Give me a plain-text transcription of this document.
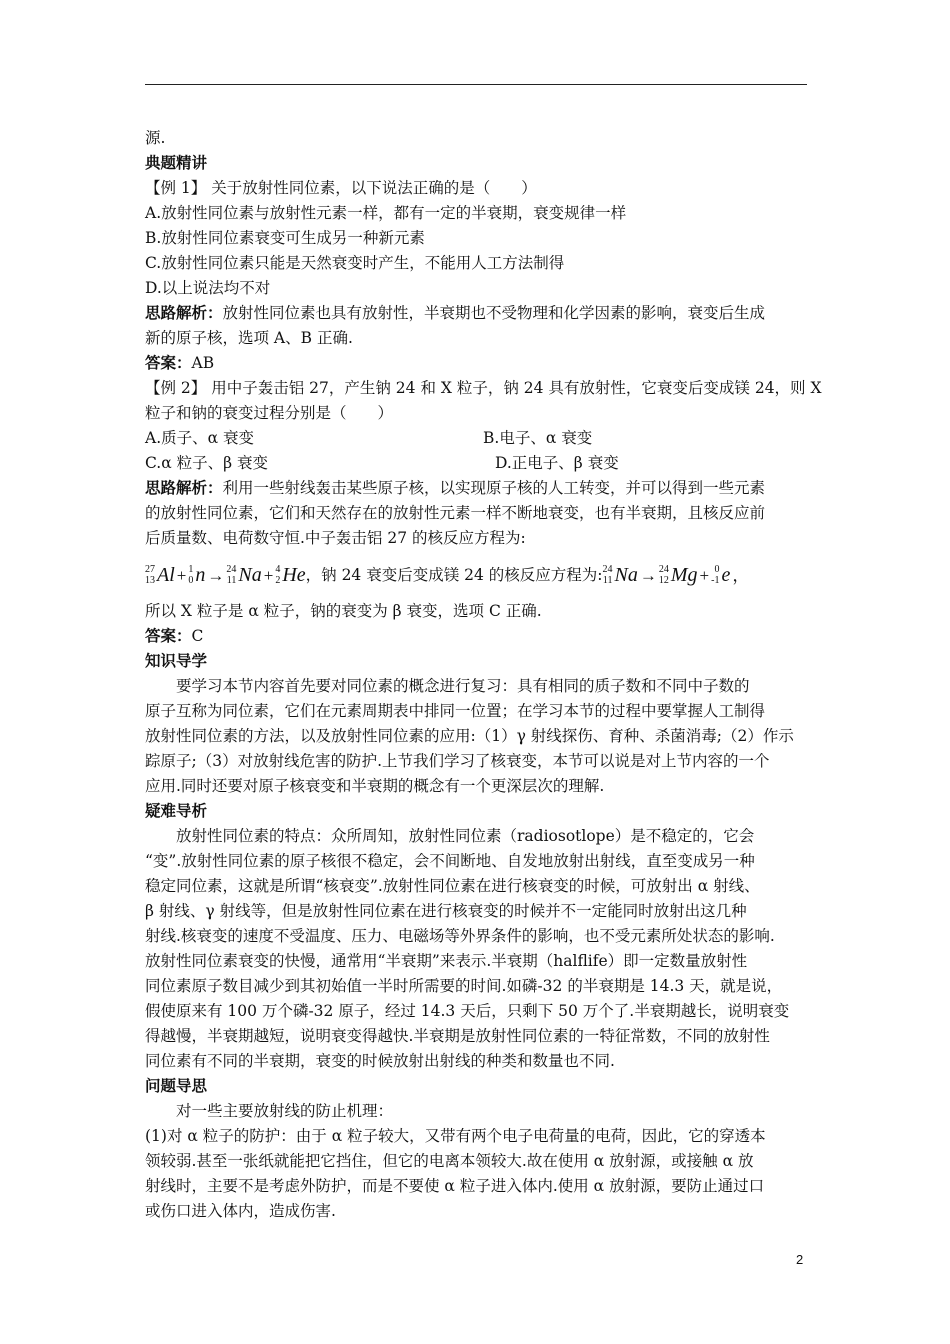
源.
典题精讲
【例 1】 关于放射性同位素，以下说法正确的是（　　）
A.放射性同位素与放射性元素一样，都有一定的半衰期，衰变规律一样
B.放射性同位素衰变可生成另一种新元素
C.放射性同位素只能是天然衰变时产生，不能用人工方法制得
D.以上说法均不对
思路解析：放射性同位素也具有放射性，半衰期也不受物理和化学因素的影响，衰变后生成
新的原子核，选项 A、B 正确.
答案：AB
【例 2】 用中子轰击铝 27，产生钠 24 和 X 粒子，钠 24 具有放射性，它衰变后变成镁 24，则 X
粒子和钠的衰变过程分别是（　　）
A.质子、α 衰变	B.电子、α 衰变
C.α 粒子、β 衰变	D.正电子、β 衰变
思路解析：利用一些射线轰击某些原子核，以实现原子核的人工转变，并可以得到一些元素
的放射性同位素，它们和天然存在的放射性元素一样不断地衰变，也有半衰期，且核反应前
后质量数、电荷数守恒.中子轰击铝 27 的核反应方程为:
27
13 Al + 1
0 n → 24
11 Na + 4
2 He ，钠 24 衰变后变成镁 24 的核反应方程为: 24
11 Na → 24
12 Mg + 0
-1 e ，
所以 X 粒子是 α 粒子，钠的衰变为 β 衰变，选项 C 正确.
答案：C
知识导学
要学习本节内容首先要对同位素的概念进行复习：具有相同的质子数和不同中子数的
原子互称为同位素，它们在元素周期表中排同一位置；在学习本节的过程中要掌握人工制得
放射性同位素的方法，以及放射性同位素的应用:（1）γ 射线探伤、育种、杀菌消毒;（2）作示
踪原子;（3）对放射线危害的防护.上节我们学习了核衰变，本节可以说是对上节内容的一个
应用.同时还要对原子核衰变和半衰期的概念有一个更深层次的理解.
疑难导析
放射性同位素的特点：众所周知，放射性同位素（radiosotlope）是不稳定的，它会
“变”.放射性同位素的原子核很不稳定，会不间断地、自发地放射出射线，直至变成另一种
稳定同位素，这就是所谓“核衰变”.放射性同位素在进行核衰变的时候，可放射出 α 射线、
β 射线、γ 射线等，但是放射性同位素在进行核衰变的时候并不一定能同时放射出这几种
射线.核衰变的速度不受温度、压力、电磁场等外界条件的影响，也不受元素所处状态的影响.
放射性同位素衰变的快慢，通常用“半衰期”来表示.半衰期（halflife）即一定数量放射性
同位素原子数目减少到其初始值一半时所需要的时间.如磷-32 的半衰期是 14.3 天，就是说，
假使原来有 100 万个磷-32 原子，经过 14.3 天后，只剩下 50 万个了.半衰期越长，说明衰变
得越慢，半衰期越短，说明衰变得越快.半衰期是放射性同位素的一特征常数，不同的放射性
同位素有不同的半衰期，衰变的时候放射出射线的种类和数量也不同.
问题导思
对一些主要放射线的防止机理：
(1)对 α 粒子的防护：由于 α 粒子较大，又带有两个电子电荷量的电荷，因此，它的穿透本
领较弱.甚至一张纸就能把它挡住，但它的电离本领较大.故在使用 α 放射源，或接触 α 放
射线时，主要不是考虑外防护，而是不要使 α 粒子进入体内.使用 α 放射源，要防止通过口
或伤口进入体内，造成伤害.
2
